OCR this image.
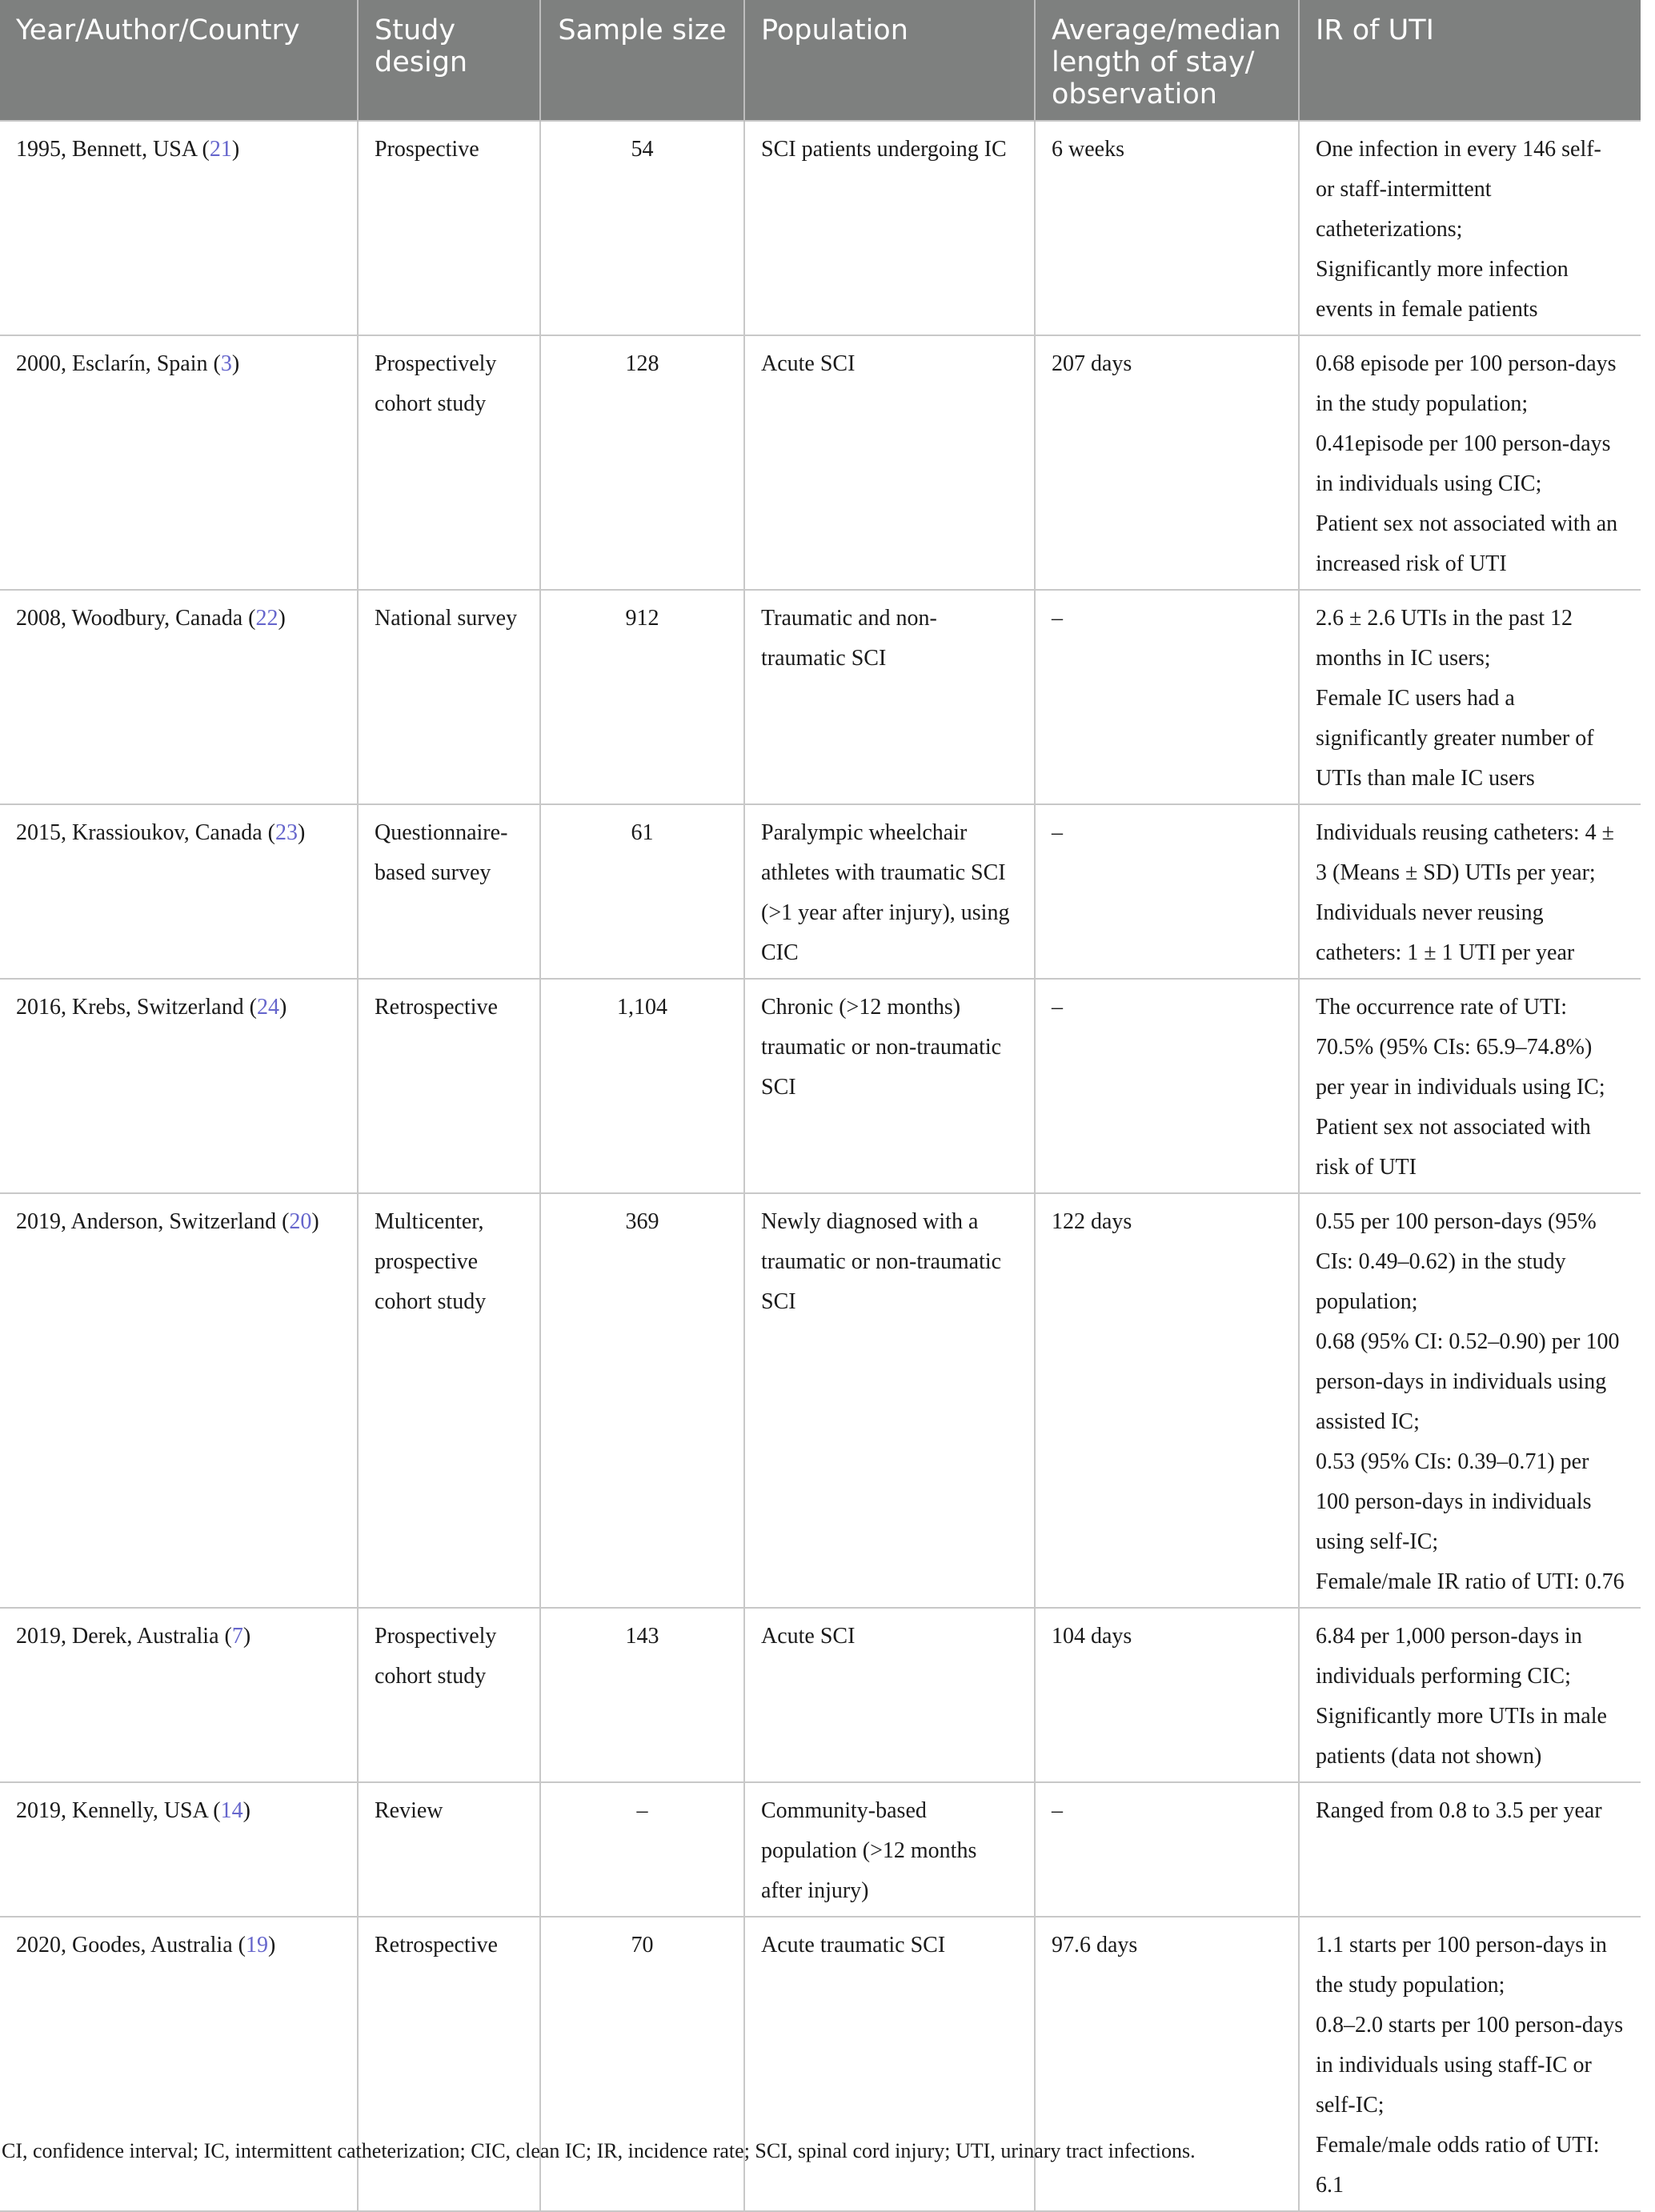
Year/Author/Country	Study design	Sample size	Population	Average/median length of stay/ observation	IR of UTI
1995, Bennett, USA (21)	Prospective	54	SCI patients undergoing IC	6 weeks	One infection in every 146 self- or staff-intermittent catheterizations;
Significantly more infection events in female patients

2000, Esclarín, Spain (3)	Prospectively cohort study	128	Acute SCI	207 days	0.68 episode per 100 person-days in the study population;
0.41episode per 100 person-days in individuals using CIC;
Patient sex not associated with an increased risk of UTI

2008, Woodbury, Canada (22)	National survey	912	Traumatic and non-traumatic SCI	–	2.6 ± 2.6 UTIs in the past 12 months in IC users;
Female IC users had a significantly greater number of UTIs than male IC users

2015, Krassioukov, Canada (23)	Questionnaire-based survey	61	Paralympic wheelchair athletes with traumatic SCI (>1 year after injury), using CIC	–	Individuals reusing catheters: 4 ± 3 (Means ± SD) UTIs per year;
Individuals never reusing catheters: 1 ± 1 UTI per year

2016, Krebs, Switzerland (24)	Retrospective	1,104	Chronic (>12 months) traumatic or non-traumatic SCI	–	The occurrence rate of UTI: 70.5% (95% CIs: 65.9–74.8%) per year in individuals using IC;
Patient sex not associated with risk of UTI

2019, Anderson, Switzerland (20)	Multicenter, prospective cohort study	369	Newly diagnosed with a traumatic or non-traumatic SCI	122 days	0.55 per 100 person-days (95% CIs: 0.49–0.62) in the study population;
0.68 (95% CI: 0.52–0.90) per 100 person-days in individuals using assisted IC;
0.53 (95% CIs: 0.39–0.71) per 100 person-days in individuals using self-IC;
Female/male IR ratio of UTI: 0.76

2019, Derek, Australia (7)	Prospectively cohort study	143	Acute SCI	104 days	6.84 per 1,000 person-days in individuals performing CIC;
Significantly more UTIs in male patients (data not shown)

2019, Kennelly, USA (14)	Review	–	Community-based population (>12 months after injury)	–	Ranged from 0.8 to 3.5 per year

2020, Goodes, Australia (19)	Retrospective	70	Acute traumatic SCI	97.6 days	1.1 starts per 100 person-days in the study population;
0.8–2.0 starts per 100 person-days in individuals using staff-IC or self-IC;
Female/male odds ratio of UTI: 6.1
CI, confidence interval; IC, intermittent catheterization; CIC, clean IC; IR, incidence rate; SCI, spinal cord injury; UTI, urinary tract infections.
